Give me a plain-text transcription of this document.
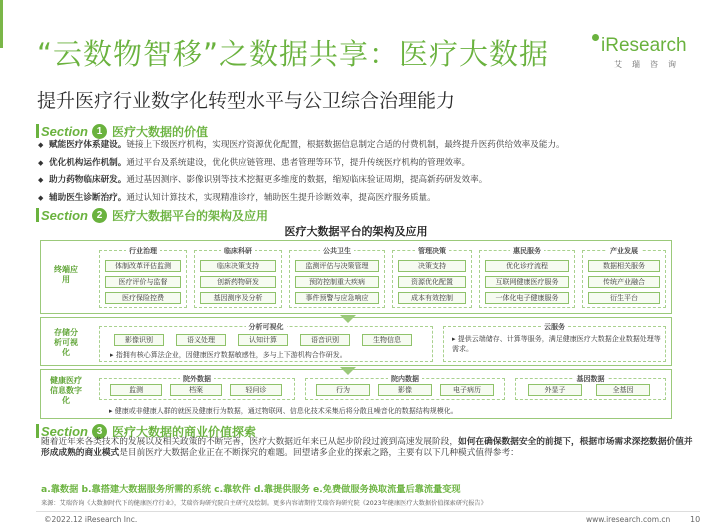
“云数物智移”之数据共享：医疗大数据	iResearch
艾瑞咨询
提升医疗行业数字化转型水平与公卫综合治理能力
Section 1 医疗大数据的价值
◆ 赋能医疗体系建设。链接上下级医疗机构，实现医疗资源优化配置，根据数据信息制定合适的付费机制，最终提升医药供给效率及能力。
◆ 优化机构运作机制。通过平台及系统建设，优化供应链管理、患者管理等环节，提升传统医疗机构的管理效率。
◆ 助力药物临床研发。通过基因测序、影像识别等技术挖掘更多维度的数据，缩短临床验证周期，提高新药研发效率。
◆ 辅助医生诊断治疗。通过认知计算技术，实现精准诊疗，辅助医生提升诊断效率，提高医疗服务质量。
Section 2 医疗大数据平台的架构及应用
医疗大数据平台的架构及应用
终端应用
行业治理
体制改革评估监测
医疗评价与监督
医疗保险控费
临床科研
临床决策支持
创新药物研发
基因测序及分析
公共卫生
监测评估与决策管理
预防控制重大疾病
事件预警与应急响应
管理决策
决策支持
资源优化配置
成本有效控制
惠民服务
优化诊疗流程
互联网健康医疗服务
一体化电子健康服务
产业发展
数据相关服务
传统产业融合
衍生平台
存储分析可视化
分析可视化
影像识别	语义处理	认知计算	语音识别	生物信息
▸ 指拥有核心算法企业，因健康医疗数据敏感性，多与上下游机构合作研发。
云服务
▸ 提供云端储存、计算等服务，满足健康医疗大数据企业数据处理等需求。
健康医疗信息数字化
院外数据
监测	档案	轻问诊
院内数据
行为	影像	电子病历
基因数据
外显子	全基因
▸ 健康或非健康人群的就医及健康行为数据，通过物联网、信息化技术采集后将分散且噪音化的数据结构规模化。
Section 3 医疗大数据的商业价值探索
随着近年来各类技术的发展以及相关政策的不断完善，医疗大数据近年来已从起步阶段过渡到高速发展阶段，如何在确保数据安全的前提下，根据市场需求深挖数据价值并形成成熟的商业模式是目前医疗大数据企业正在不断探究的难题。回望诸多企业的探索之路，主要有以下几种模式值得参考：
a.靠数据 b.靠搭建大数据服务所需的系统 c.靠软件 d.靠提供服务 e.免费做服务换取流量后靠流量变现
来源：艾瑞咨询《大数据时代下的健康医疗行业》，艾瑞咨询研究院自主研究及绘制。更多内容请期待艾瑞咨询研究院《2023年健康医疗大数据价值探索研究报告》
©2022.12 iResearch Inc.	www.iresearch.com.cn 10
